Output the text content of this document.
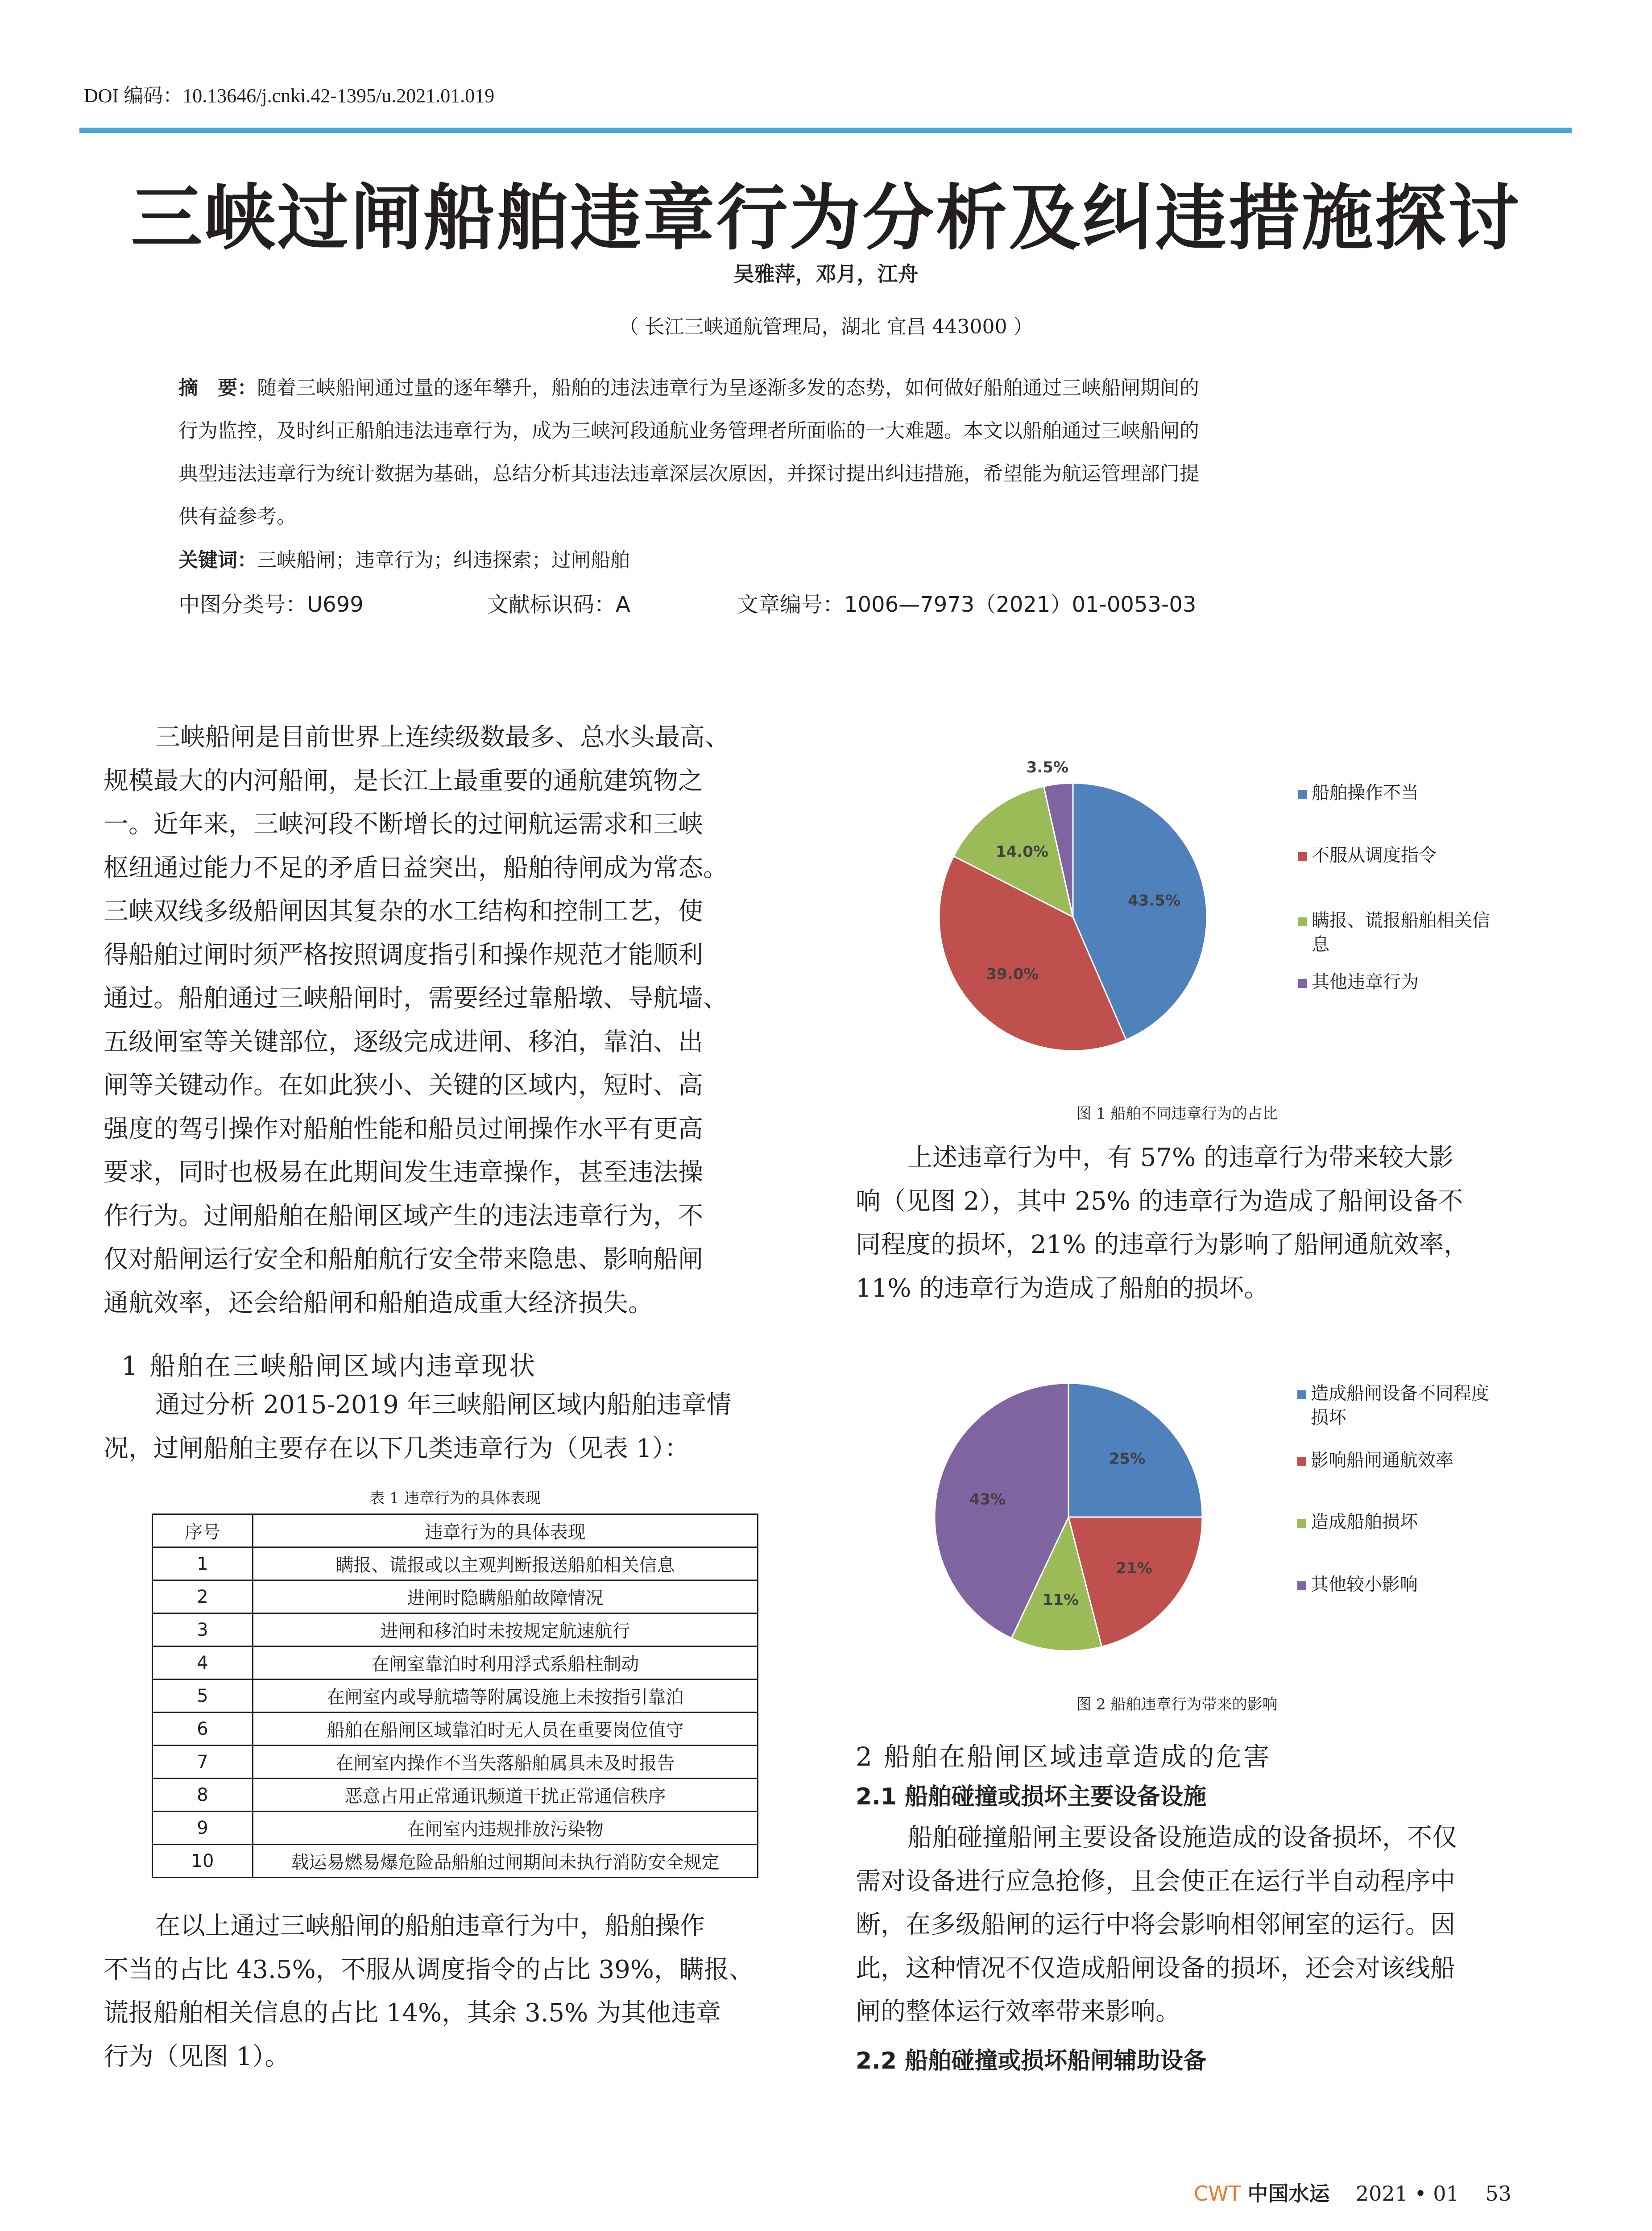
DOI 编码：10.13646/j.cnki.42-1395/u.2021.01.019
三峡过闸船舶违章行为分析及纠违措施探讨
吴雅萍，邓月，江舟
（ 长江三峡通航管理局，湖北 宜昌 443000 ）
摘　要：随着三峡船闸通过量的逐年攀升，船舶的违法违章行为呈逐渐多发的态势，如何做好船舶通过三峡船闸期间的
行为监控，及时纠正船舶违法违章行为，成为三峡河段通航业务管理者所面临的一大难题。本文以船舶通过三峡船闸的
典型违法违章行为统计数据为基础，总结分析其违法违章深层次原因，并探讨提出纠违措施，希望能为航运管理部门提
供有益参考。
关键词：三峡船闸；违章行为；纠违探索；过闸船舶
中图分类号：U699	文献标识码：A	文章编号：1006—7973（2021）01-0053-03
三峡船闸是目前世界上连续级数最多、总水头最高、
规模最大的内河船闸，是长江上最重要的通航建筑物之
一。近年来，三峡河段不断增长的过闸航运需求和三峡
枢纽通过能力不足的矛盾日益突出，船舶待闸成为常态。
三峡双线多级船闸因其复杂的水工结构和控制工艺，使
得船舶过闸时须严格按照调度指引和操作规范才能顺利
通过。船舶通过三峡船闸时，需要经过靠船墩、导航墙、
五级闸室等关键部位，逐级完成进闸、移泊，靠泊、出
闸等关键动作。在如此狭小、关键的区域内，短时、高
强度的驾引操作对船舶性能和船员过闸操作水平有更高
要求，同时也极易在此期间发生违章操作，甚至违法操
作行为。过闸船舶在船闸区域产生的违法违章行为，不
仅对船闸运行安全和船舶航行安全带来隐患、影响船闸
通航效率，还会给船闸和船舶造成重大经济损失。
1 船舶在三峡船闸区域内违章现状
通过分析 2015-2019 年三峡船闸区域内船舶违章情
况，过闸船舶主要存在以下几类违章行为（见表 1）：
表 1 违章行为的具体表现
序号	违章行为的具体表现
1	瞒报、谎报或以主观判断报送船舶相关信息
2	进闸时隐瞒船舶故障情况
3	进闸和移泊时未按规定航速航行
4	在闸室靠泊时利用浮式系船柱制动
5	在闸室内或导航墙等附属设施上未按指引靠泊
6	船舶在船闸区域靠泊时无人员在重要岗位值守
7	在闸室内操作不当失落船舶属具未及时报告
8	恶意占用正常通讯频道干扰正常通信秩序
9	在闸室内违规排放污染物
10	载运易燃易爆危险品船舶过闸期间未执行消防安全规定
在以上通过三峡船闸的船舶违章行为中，船舶操作
不当的占比 43.5%，不服从调度指令的占比 39%，瞒报、
谎报船舶相关信息的占比 14%，其余 3.5% 为其他违章
行为（见图 1）。
43.5%
39.0%
14.0%
3.5%
船舶操作不当
不服从调度指令
瞒报、谎报船舶相关信
息
其他违章行为
图 1 船舶不同违章行为的占比
上述违章行为中，有 57% 的违章行为带来较大影
响（见图 2），其中 25% 的违章行为造成了船闸设备不
同程度的损坏，21% 的违章行为影响了船闸通航效率，
11% 的违章行为造成了船舶的损坏。
25%
21%
11%
43%
造成船闸设备不同程度
损坏
影响船闸通航效率
造成船舶损坏
其他较小影响
图 2 船舶违章行为带来的影响
2 船舶在船闸区域违章造成的危害
2.1 船舶碰撞或损坏主要设备设施
船舶碰撞船闸主要设备设施造成的设备损坏，不仅
需对设备进行应急抢修，且会使正在运行半自动程序中
断，在多级船闸的运行中将会影响相邻闸室的运行。因
此，这种情况不仅造成船闸设备的损坏，还会对该线船
闸的整体运行效率带来影响。
2.2 船舶碰撞或损坏船闸辅助设备
CWT 中国水运 2021 • 01 53
